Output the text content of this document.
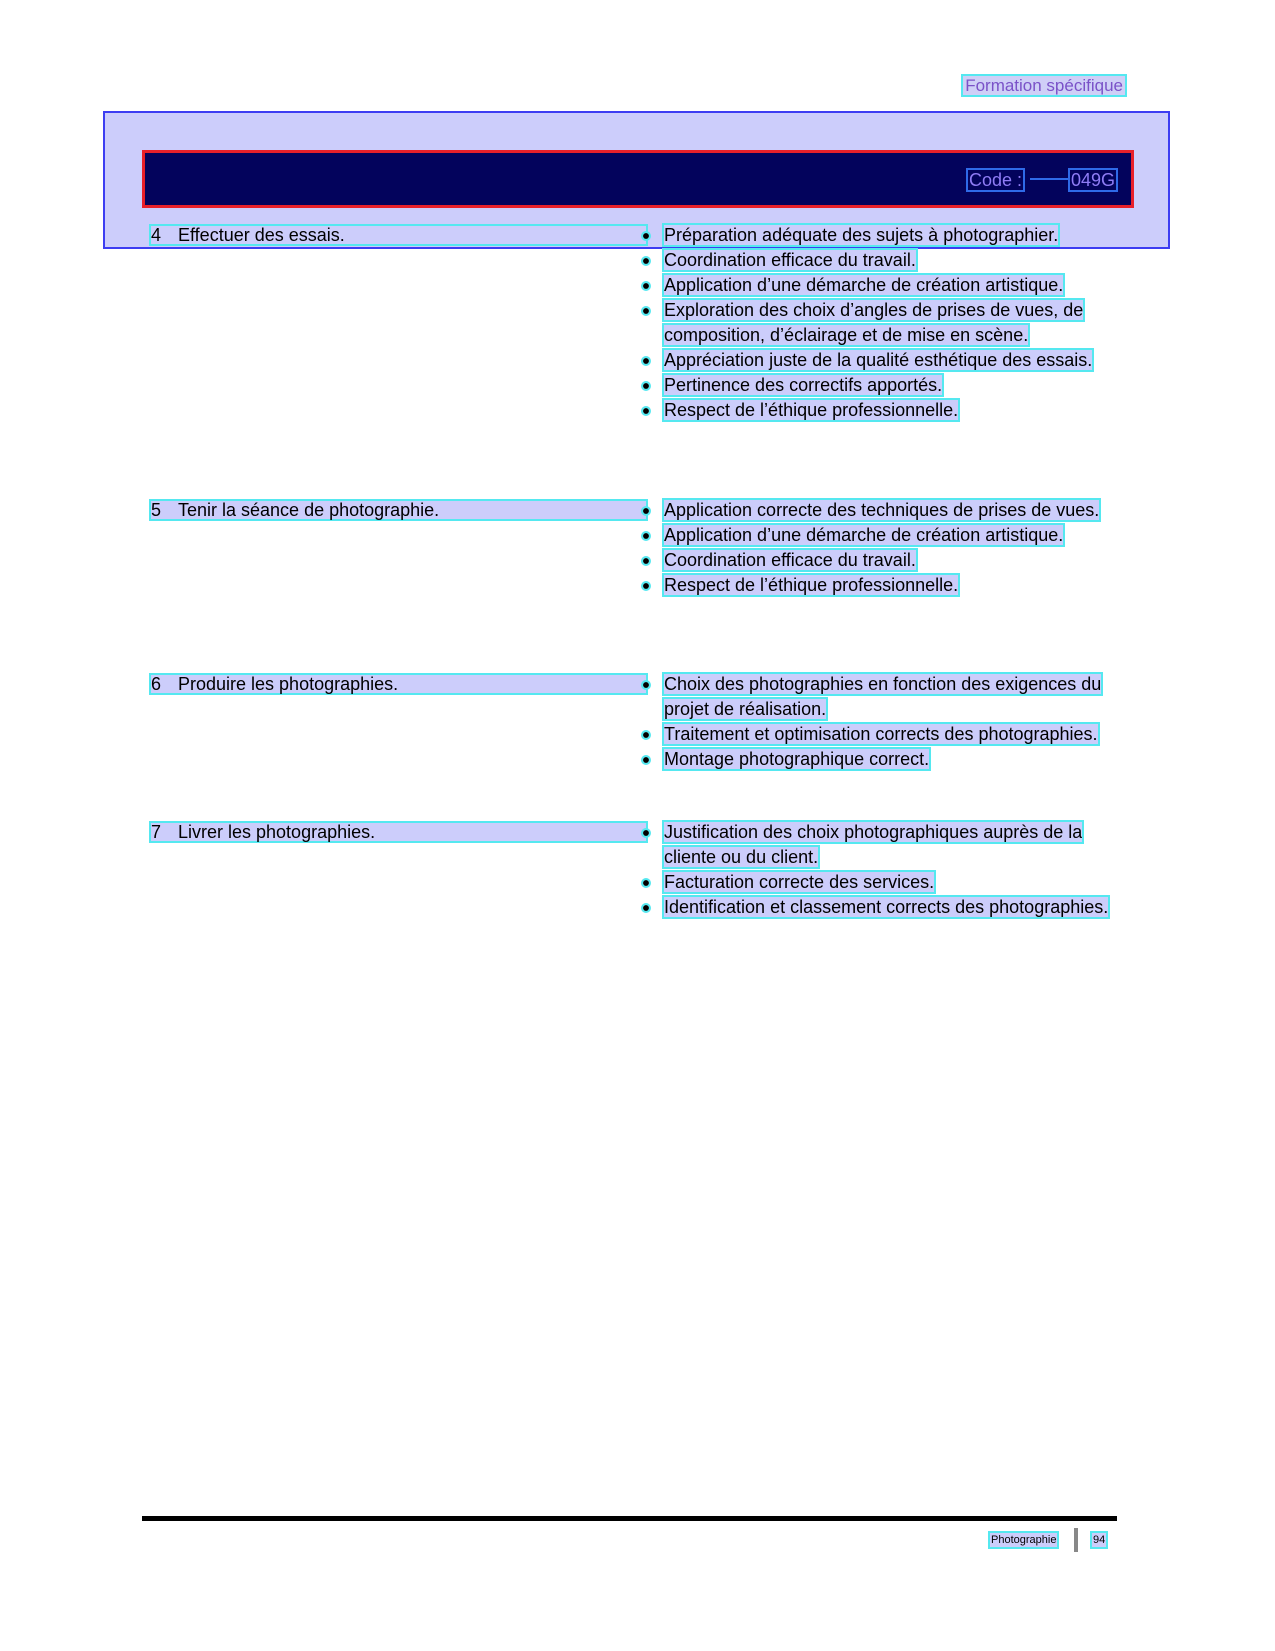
Formation spécifique
Code :	049G
4 Effectuer des essais.	Préparation adéquate des sujets à photographier.
Coordination efficace du travail.
Application d’une démarche de création artistique.
Exploration des choix d’angles de prises de vues, de composition, d’éclairage et de mise en scène.
Appréciation juste de la qualité esthétique des essais.
Pertinence des correctifs apportés.
Respect de l’éthique professionnelle.
5 Tenir la séance de photographie.	Application correcte des techniques de prises de vues.
Application d’une démarche de création artistique.
Coordination efficace du travail.
Respect de l’éthique professionnelle.
6 Produire les photographies.	Choix des photographies en fonction des exigences du projet de réalisation.
Traitement et optimisation corrects des photographies.
Montage photographique correct.
7 Livrer les photographies.	Justification des choix photographiques auprès de la cliente ou du client.
Facturation correcte des services.
Identification et classement corrects des photographies.
Photographie	94
